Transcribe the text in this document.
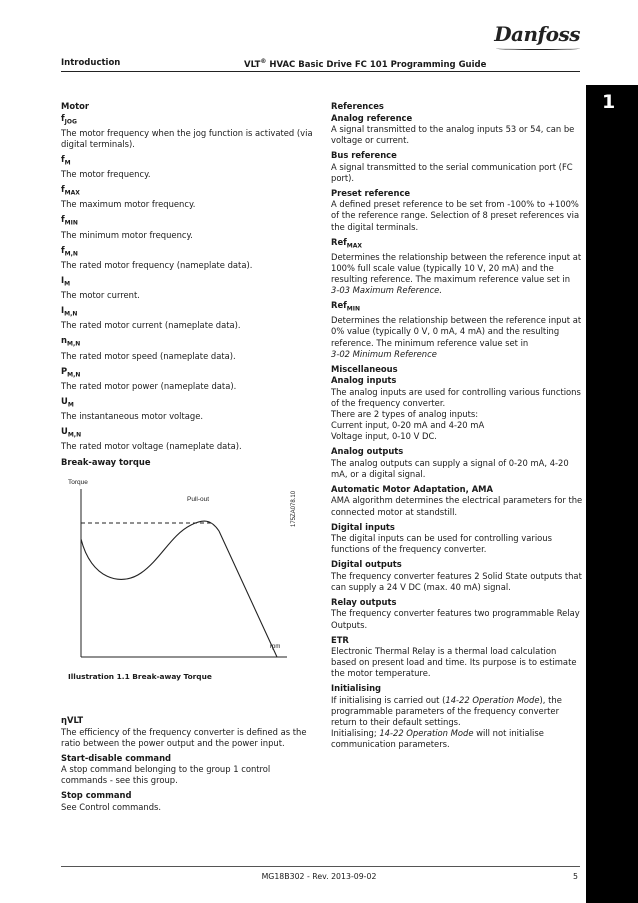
Danfoss
Introduction	VLT® HVAC Basic Drive FC 101 Programming Guide
1
Motor
$f_{JOG}$
The motor frequency when the jog function is activated (via digital terminals).
$f_M$
The motor frequency.
$f_{MAX}$
The maximum motor frequency.
$f_{MIN}$
The minimum motor frequency.
$f_{M,N}$
The rated motor frequency (nameplate data).
$I_M$
The motor current.
$I_{M,N}$
The rated motor current (nameplate data).
$n_{M,N}$
The rated motor speed (nameplate data).
$P_{M,N}$
The rated motor power (nameplate data).
$U_M$
The instantaneous motor voltage.
$U_{M,N}$
The rated motor voltage (nameplate data).
Break-away torque
Torque
Pull-out
rpm
175ZA078.10
Illustration 1.1 Break-away Torque
ηVLT
The efficiency of the frequency converter is defined as the ratio between the power output and the power input.
Start-disable command
A stop command belonging to the group 1 control commands - see this group.
Stop command
See Control commands.
References
Analog reference
A signal transmitted to the analog inputs 53 or 54, can be voltage or current.
Bus reference
A signal transmitted to the serial communication port (FC port).
Preset reference
A defined preset reference to be set from -100% to +100% of the reference range. Selection of 8 preset references via the digital terminals.
Ref$_{MAX}$
Determines the relationship between the reference input at 100% full scale value (typically 10 V, 20 mA) and the resulting reference. The maximum reference value set in
3-03 Maximum Reference.
Ref$_{MIN}$
Determines the relationship between the reference input at 0% value (typically 0 V, 0 mA, 4 mA) and the resulting reference. The minimum reference value set in
3-02 Minimum Reference
Miscellaneous
Analog inputs
The analog inputs are used for controlling various functions of the frequency converter.
There are 2 types of analog inputs:
Current input, 0-20 mA and 4-20 mA
Voltage input, 0-10 V DC.
Analog outputs
The analog outputs can supply a signal of 0-20 mA, 4-20 mA, or a digital signal.
Automatic Motor Adaptation, AMA
AMA algorithm determines the electrical parameters for the connected motor at standstill.
Digital inputs
The digital inputs can be used for controlling various functions of the frequency converter.
Digital outputs
The frequency converter features 2 Solid State outputs that can supply a 24 V DC (max. 40 mA) signal.
Relay outputs
The frequency converter features two programmable Relay Outputs.
ETR
Electronic Thermal Relay is a thermal load calculation based on present load and time. Its purpose is to estimate the motor temperature.
Initialising
If initialising is carried out (14-22 Operation Mode), the programmable parameters of the frequency converter return to their default settings.
Initialising; 14-22 Operation Mode will not initialise communication parameters.
MG18B302 - Rev. 2013-09-02	5
